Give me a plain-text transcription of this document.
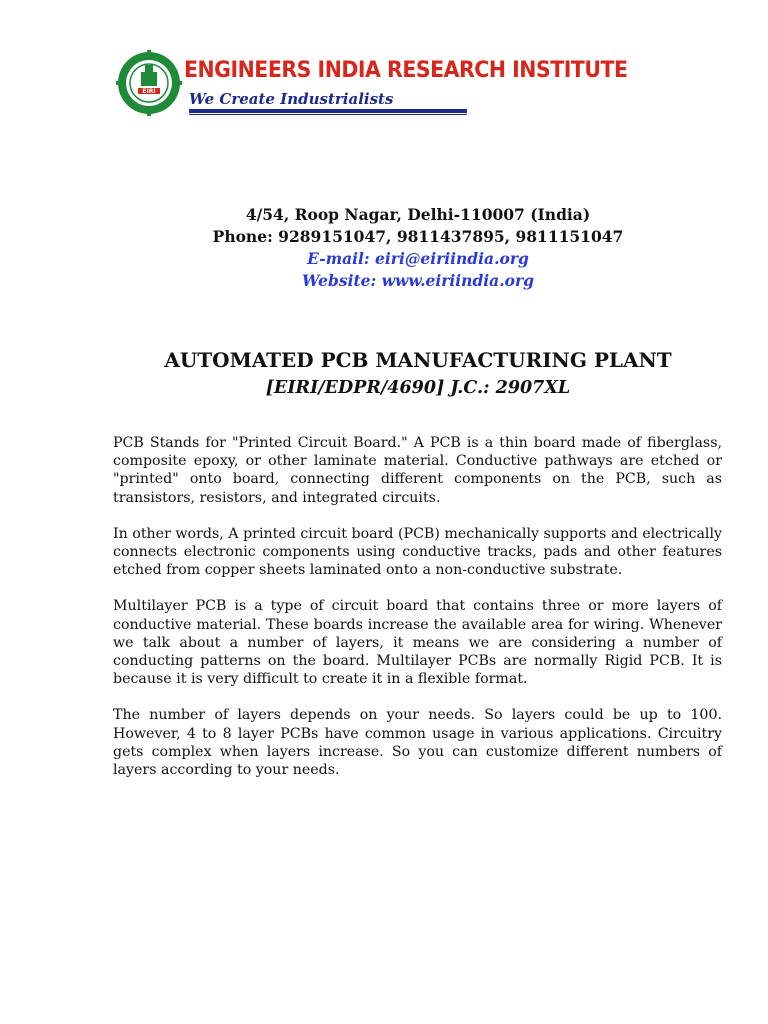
EIRI
ENGINEERS INDIA RESEARCH INSTITUTE
We Create Industrialists
4/54, Roop Nagar, Delhi-110007 (India)
Phone: 9289151047, 9811437895, 9811151047
E-mail: eiri@eiriindia.org
Website: www.eiriindia.org
AUTOMATED PCB MANUFACTURING PLANT
[EIRI/EDPR/4690] J.C.: 2907XL

PCB Stands for "Printed Circuit Board." A PCB is a thin board made of fiberglass, composite epoxy, or other laminate material. Conductive pathways are etched or "printed" onto board, connecting different components on the PCB, such as transistors, resistors, and integrated circuits.

In other words, A printed circuit board (PCB) mechanically supports and electrically connects electronic components using conductive tracks, pads and other features etched from copper sheets laminated onto a non-conductive substrate.

Multilayer PCB is a type of circuit board that contains three or more layers of conductive material. These boards increase the available area for wiring. Whenever we talk about a number of layers, it means we are considering a number of conducting patterns on the board. Multilayer PCBs are normally Rigid PCB. It is because it is very difficult to create it in a flexible format.

The number of layers depends on your needs. So layers could be up to 100. However, 4 to 8 layer PCBs have common usage in various applications. Circuitry gets complex when layers increase. So you can customize different numbers of layers according to your needs.
